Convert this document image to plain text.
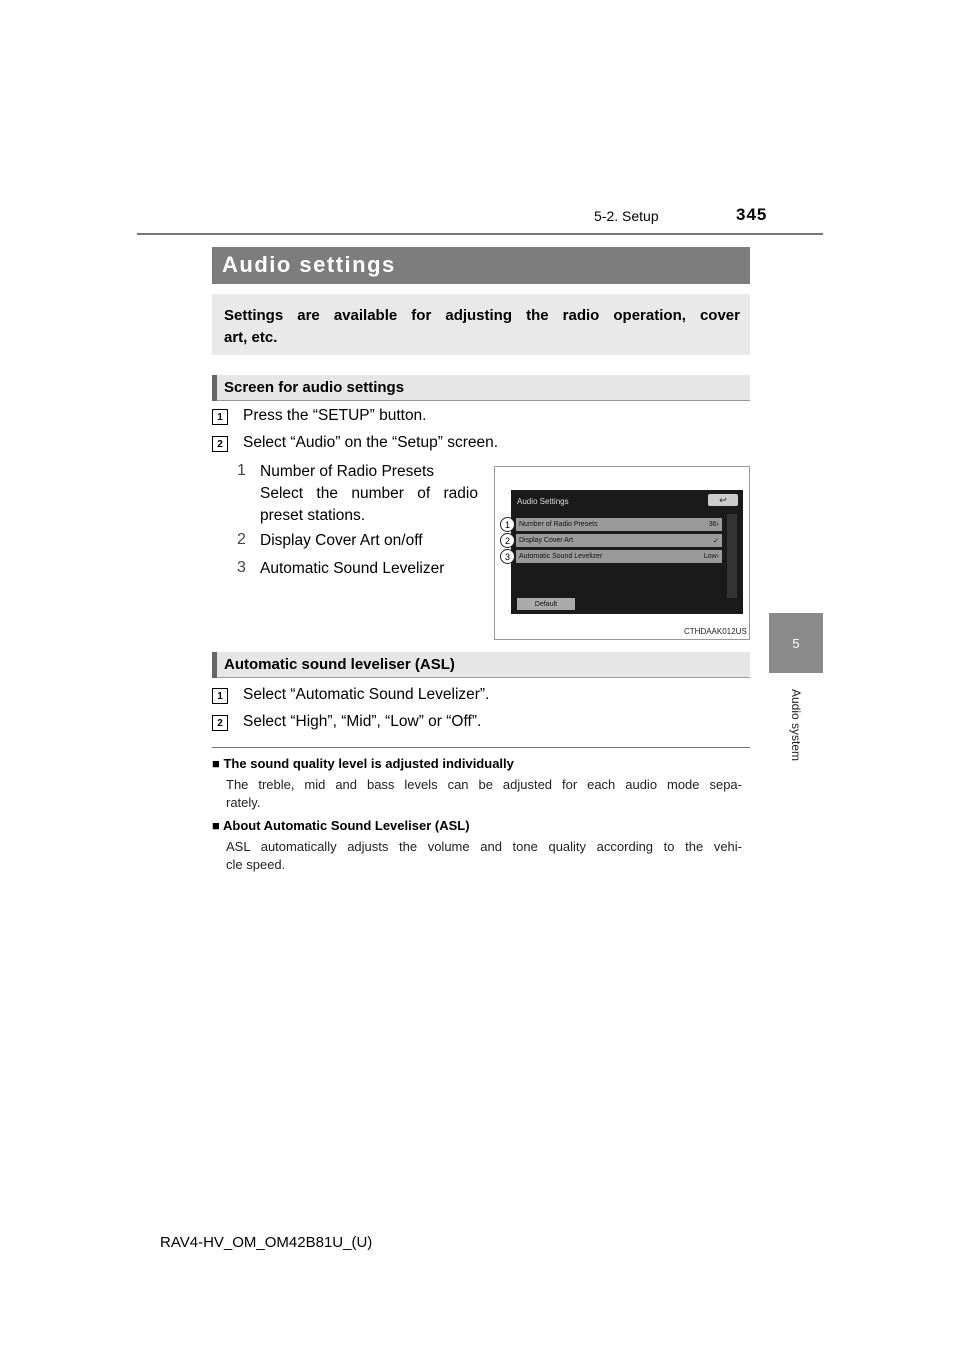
5-2. Setup	345
5
Audio system
Audio settings
Settings are available for adjusting the radio operation, cover
art, etc.
Screen for audio settings
1	Press the “SETUP” button.
2	Select “Audio” on the “Setup” screen.
1 Number of Radio Presets
Select the number of radio
preset stations.
2 Display Cover Art on/off
3 Automatic Sound Levelizer
Audio Settings	↩
Number of Radio Presets	36›
Display Cover Art	✓
Automatic Sound Levelizer	Low›
Default
1
2
3
CTHDAAK012US
Automatic sound leveliser (ASL)
1	Select “Automatic Sound Levelizer”.
2	Select “High”, “Mid”, “Low” or “Off”.
■ The sound quality level is adjusted individually
The treble, mid and bass levels can be adjusted for each audio mode sepa-
rately.
■ About Automatic Sound Leveliser (ASL)
ASL automatically adjusts the volume and tone quality according to the vehi-
cle speed.
RAV4-HV_OM_OM42B81U_(U)
